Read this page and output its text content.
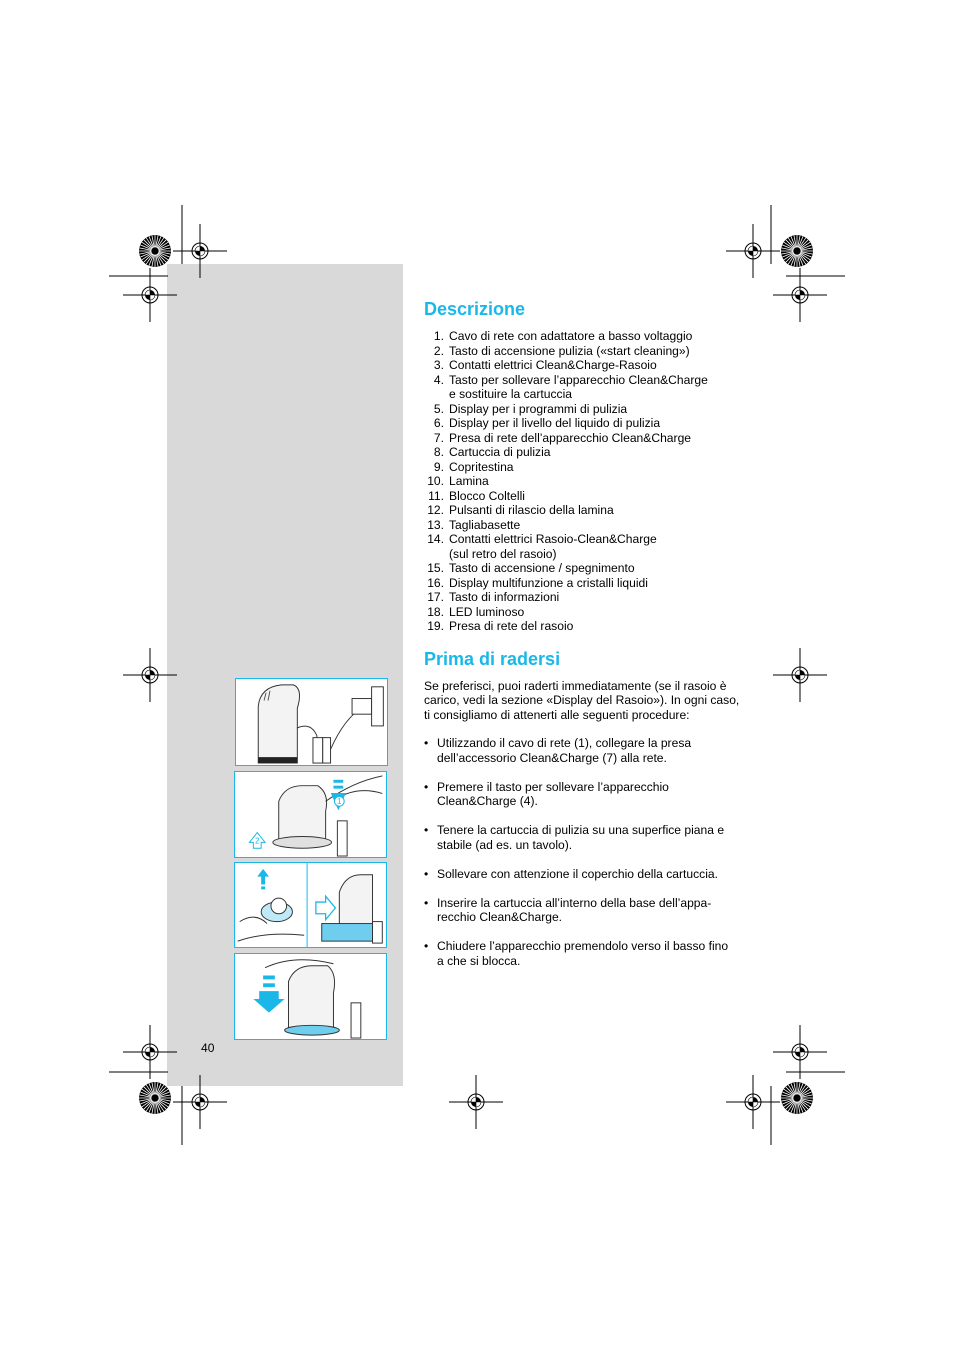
1
2
40
Descrizione
1. Cavo di rete con adattatore a basso voltaggio
2. Tasto di accensione pulizia («start cleaning»)
3. Contatti elettrici Clean&Charge-Rasoio
4. Tasto per sollevare l’apparecchio Clean&Charge
e sostituire la cartuccia
5. Display per i programmi di pulizia
6. Display per il livello del liquido di pulizia
7. Presa di rete dell’apparecchio Clean&Charge
8. Cartuccia di pulizia
9. Copritestina
10. Lamina
11. Blocco Coltelli
12. Pulsanti di rilascio della lamina
13. Tagliabasette
14. Contatti elettrici Rasoio-Clean&Charge
(sul retro del rasoio)
15. Tasto di accensione / spegnimento
16. Display multifunzione a cristalli liquidi
17. Tasto di informazioni
18. LED luminoso
19. Presa di rete del rasoio
Prima di radersi

Se preferisci, puoi raderti immediatamente (se il rasoio è
carico, vedi la sezione «Display del Rasoio»). In ogni caso,
ti consigliamo di attenerti alle seguenti procedure:

• Utilizzando il cavo di rete (1), collegare la presa
dell’accessorio Clean&Charge (7) alla rete.
• Premere il tasto per sollevare l’apparecchio
Clean&Charge (4).
• Tenere la cartuccia di pulizia su una superfice piana e
stabile (ad es. un tavolo).
• Sollevare con attenzione il coperchio della cartuccia.
• Inserire la cartuccia all’interno della base dell’appa-
recchio Clean&Charge.
• Chiudere l’apparecchio premendolo verso il basso fino
a che si blocca.
